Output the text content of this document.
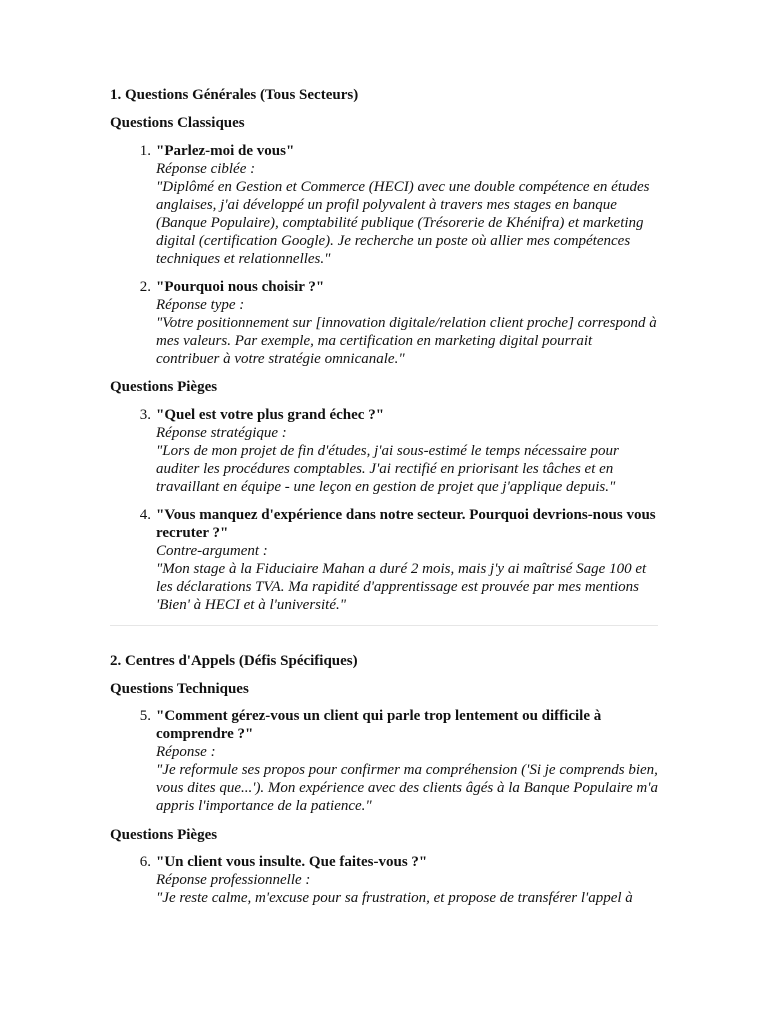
1. Questions Générales (Tous Secteurs)
Questions Classiques
1. "Parlez-moi de vous"
Réponse ciblée :
"Diplômé en Gestion et Commerce (HECI) avec une double compétence en études anglaises, j'ai développé un profil polyvalent à travers mes stages en banque (Banque Populaire), comptabilité publique (Trésorerie de Khénifra) et marketing digital (certification Google). Je recherche un poste où allier mes compétences techniques et relationnelles."
2. "Pourquoi nous choisir ?"
Réponse type :
"Votre positionnement sur [innovation digitale/relation client proche] correspond à mes valeurs. Par exemple, ma certification en marketing digital pourrait contribuer à votre stratégie omnicanale."
Questions Pièges
3. "Quel est votre plus grand échec ?"
Réponse stratégique :
"Lors de mon projet de fin d'études, j'ai sous-estimé le temps nécessaire pour auditer les procédures comptables. J'ai rectifié en priorisant les tâches et en travaillant en équipe - une leçon en gestion de projet que j'applique depuis."
4. "Vous manquez d'expérience dans notre secteur. Pourquoi devrions-nous vous recruter ?"
Contre-argument :
"Mon stage à la Fiduciaire Mahan a duré 2 mois, mais j'y ai maîtrisé Sage 100 et les déclarations TVA. Ma rapidité d'apprentissage est prouvée par mes mentions 'Bien' à HECI et à l'université."
2. Centres d'Appels (Défis Spécifiques)
Questions Techniques
5. "Comment gérez-vous un client qui parle trop lentement ou difficile à comprendre ?"
Réponse :
"Je reformule ses propos pour confirmer ma compréhension ('Si je comprends bien, vous dites que...'). Mon expérience avec des clients âgés à la Banque Populaire m'a appris l'importance de la patience."
Questions Pièges
6. "Un client vous insulte. Que faites-vous ?"
Réponse professionnelle :
"Je reste calme, m'excuse pour sa frustration, et propose de transférer l'appel à
